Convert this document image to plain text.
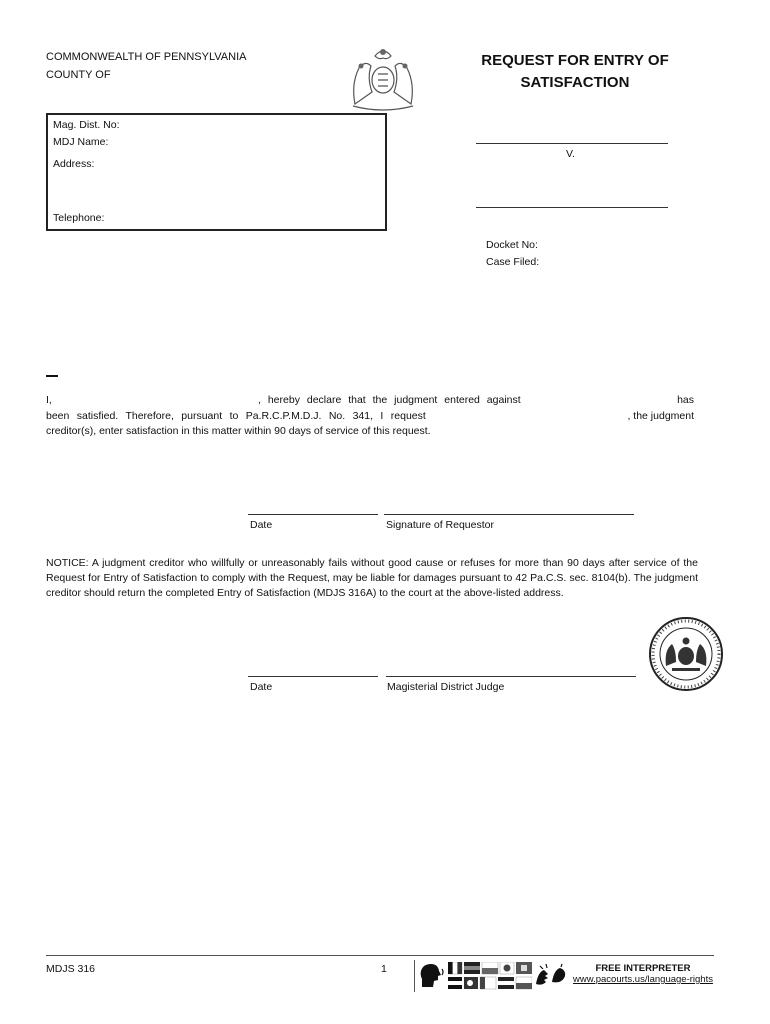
COMMONWEALTH OF PENNSYLVANIA
COUNTY OF
REQUEST FOR ENTRY OF
SATISFACTION
Mag. Dist. No:
MDJ Name:
Address:
Telephone:
V.
Docket No:
Case Filed:
I,	, hereby declare that the judgment entered against	has
been satisfied. Therefore, pursuant to Pa.R.C.P.M.D.J. No. 341, I request	, the judgment
creditor(s), enter satisfaction in this matter within 90 days of service of this request.
Date	Signature of Requestor
NOTICE: A judgment creditor who willfully or unreasonably fails without good cause or refuses for more than 90 days after service of the Request for Entry of Satisfaction to comply with the Request, may be liable for damages pursuant to 42 Pa.C.S. sec. 8104(b). The judgment creditor should return the completed Entry of Satisfaction (MDJS 316A) to the court at the above-listed address.
Date	Magisterial District Judge
MDJS 316	1	FREE INTERPRETER
www.pacourts.us/language-rights
